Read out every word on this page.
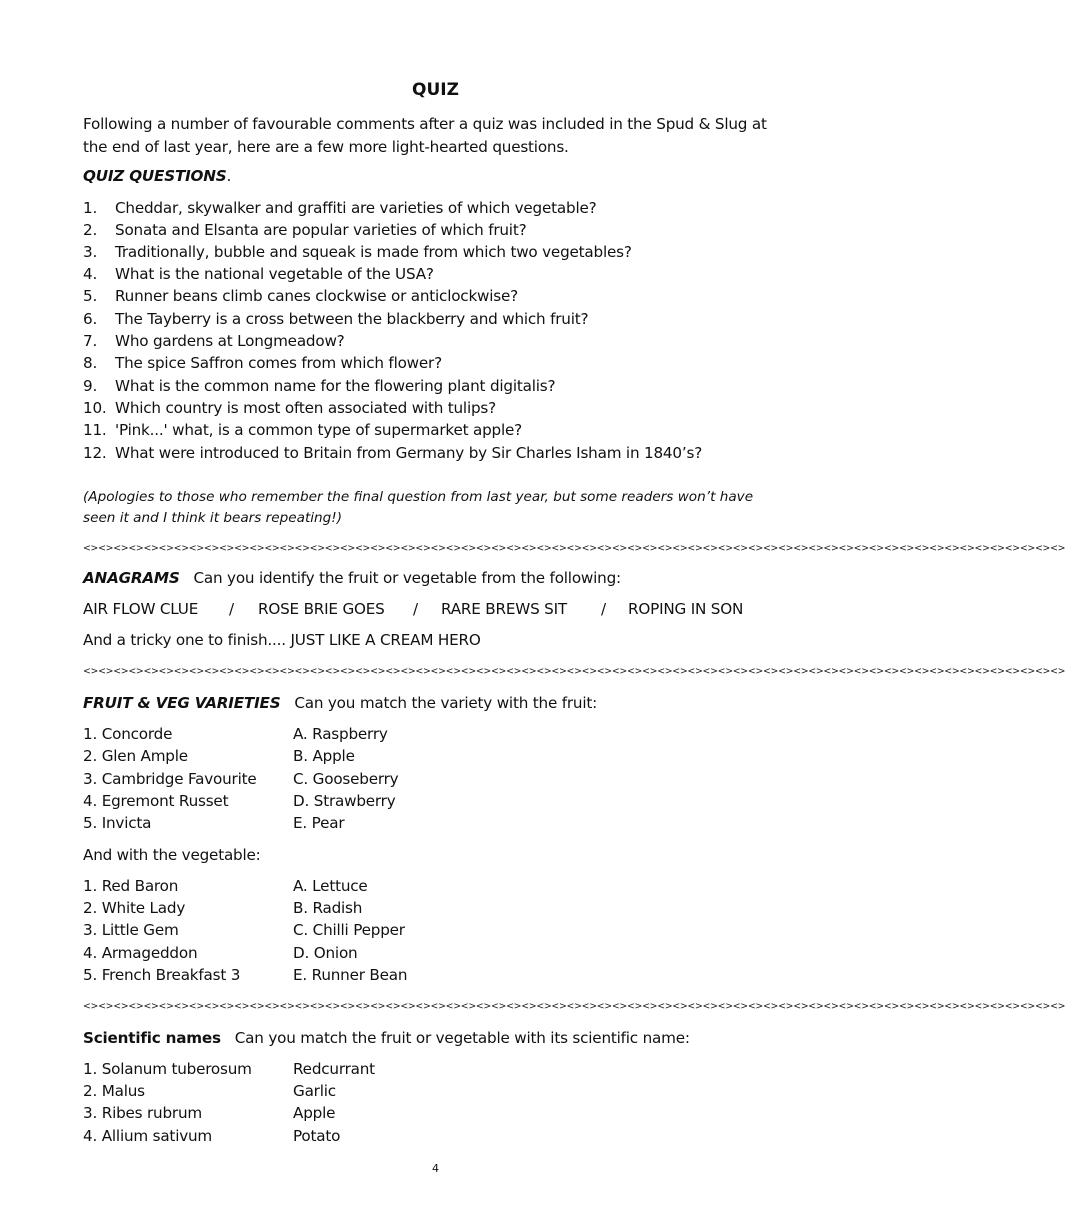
QUIZ
Following a number of favourable comments after a quiz was included in the Spud & Slug at the end of last year, here are a few more light-hearted questions.
QUIZ QUESTIONS.
1. Cheddar, skywalker and graffiti are varieties of which vegetable?
2. Sonata and Elsanta are popular varieties of which fruit?
3. Traditionally, bubble and squeak is made from which two vegetables?
4. What is the national vegetable of the USA?
5. Runner beans climb canes clockwise or anticlockwise?
6. The Tayberry is a cross between the blackberry and which fruit?
7. Who gardens at Longmeadow?
8. The spice Saffron comes from which flower?
9. What is the common name for the flowering plant digitalis?
10. Which country is most often associated with tulips?
11. 'Pink...' what, is a common type of supermarket apple?
12. What were introduced to Britain from Germany by Sir Charles Isham in 1840’s?
(Apologies to those who remember the final question from last year, but some readers won’t have seen it and I think it bears repeating!)
<><><><><><><><><><><><><><><><><><><><><><><><><><><><><><><><><><><><><><><><><><><><><><><><><><><><><><><><><><><><><><><><><>
ANAGRAMS Can you identify the fruit or vegetable from the following:
AIR FLOW CLUE / ROSE BRIE GOES / RARE BREWS SIT / ROPING IN SON
And a tricky one to finish.... JUST LIKE A CREAM HERO
<><><><><><><><><><><><><><><><><><><><><><><><><><><><><><><><><><><><><><><><><><><><><><><><><><><><><><><><><><><><><><><><><>
FRUIT & VEG VARIETIES Can you match the variety with the fruit:
1. Concorde	A. Raspberry
2. Glen Ample	B. Apple
3. Cambridge Favourite C. Gooseberry
4. Egremont Russet	D. Strawberry
5. Invicta	E. Pear
And with the vegetable:
1. Red Baron	A. Lettuce
2. White Lady	B. Radish
3. Little Gem	C. Chilli Pepper
4. Armageddon	D. Onion
5. French Breakfast 3	E. Runner Bean
<><><><><><><><><><><><><><><><><><><><><><><><><><><><><><><><><><><><><><><><><><><><><><><><><><><><><><><><><><><><><><><><><>
Scientific names Can you match the fruit or vegetable with its scientific name:
1. Solanum tuberosum	Redcurrant
2. Malus	Garlic
3. Ribes rubrum	Apple
4. Allium sativum	Potato
4
